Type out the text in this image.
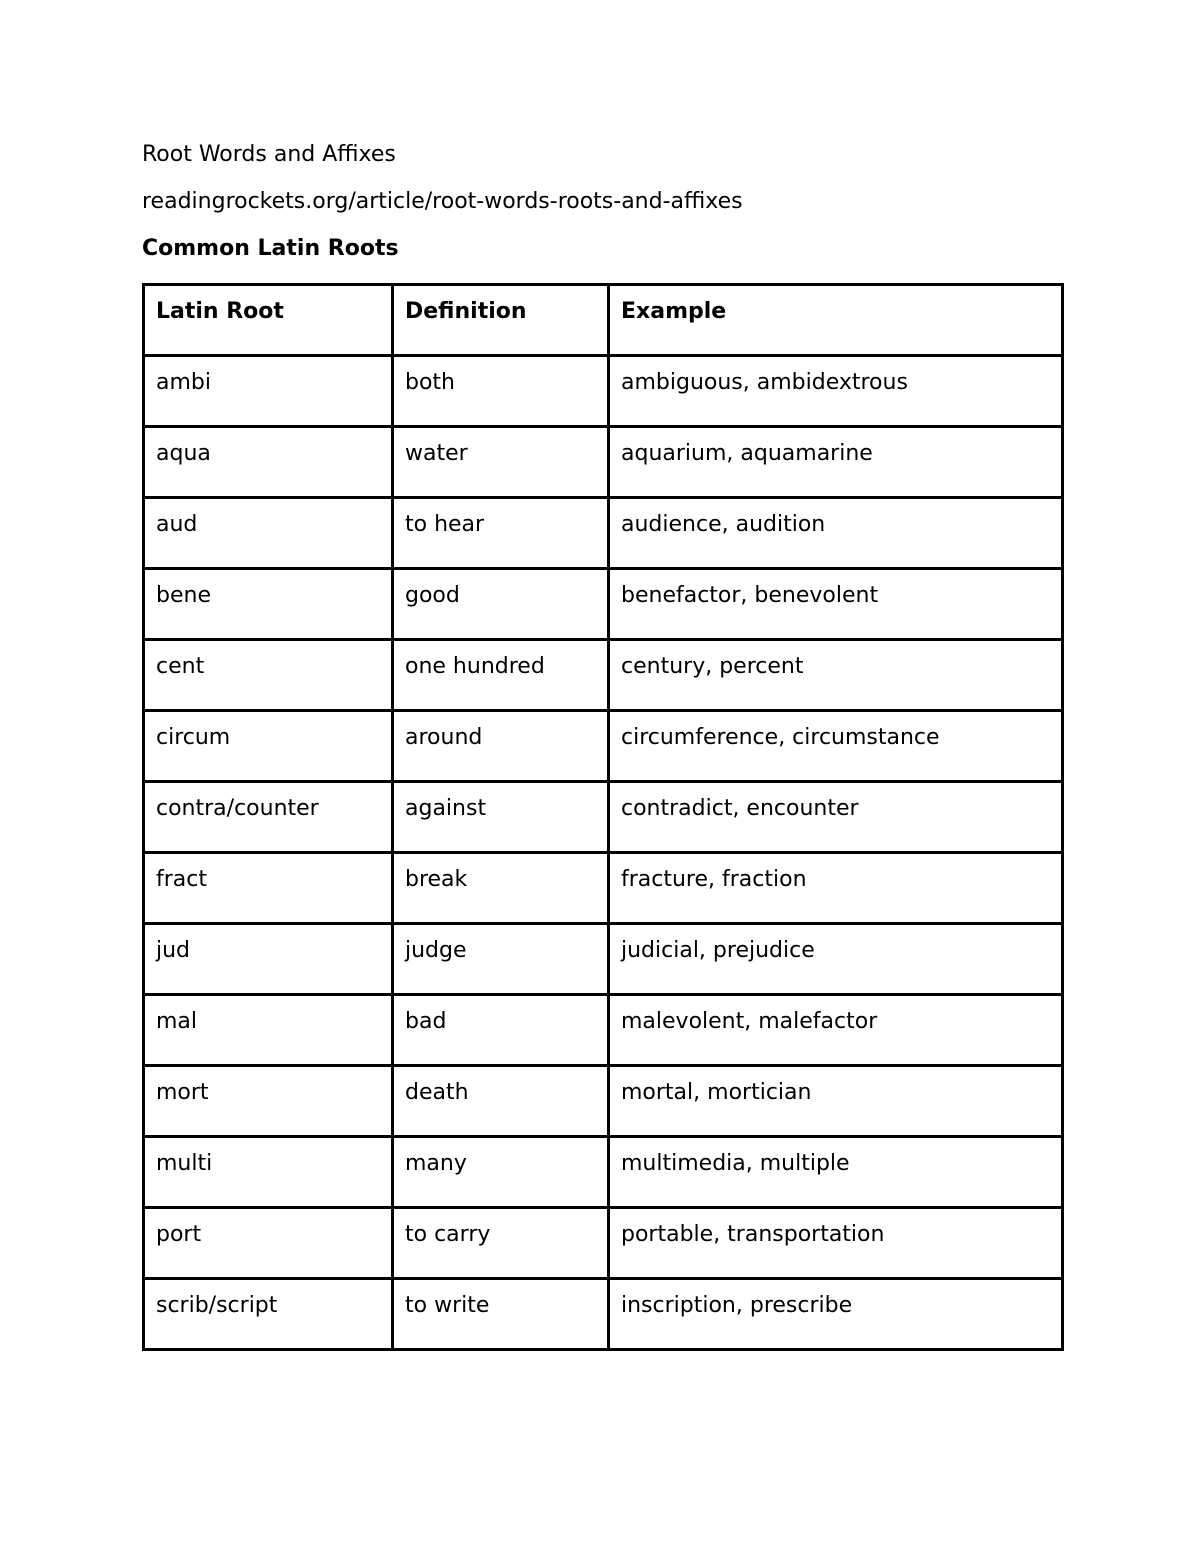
Root Words and Affixes
readingrockets.org/article/root-words-roots-and-affixes
Common Latin Roots
Latin Root	Definition	Example

ambi	both	ambiguous, ambidextrous

aqua	water	aquarium, aquamarine

aud	to hear	audience, audition

bene	good	benefactor, benevolent

cent	one hundred	century, percent

circum	around	circumference, circumstance

contra/counter	against	contradict, encounter

fract	break	fracture, fraction

jud	judge	judicial, prejudice

mal	bad	malevolent, malefactor

mort	death	mortal, mortician

multi	many	multimedia, multiple

port	to carry	portable, transportation

scrib/script	to write	inscription, prescribe
